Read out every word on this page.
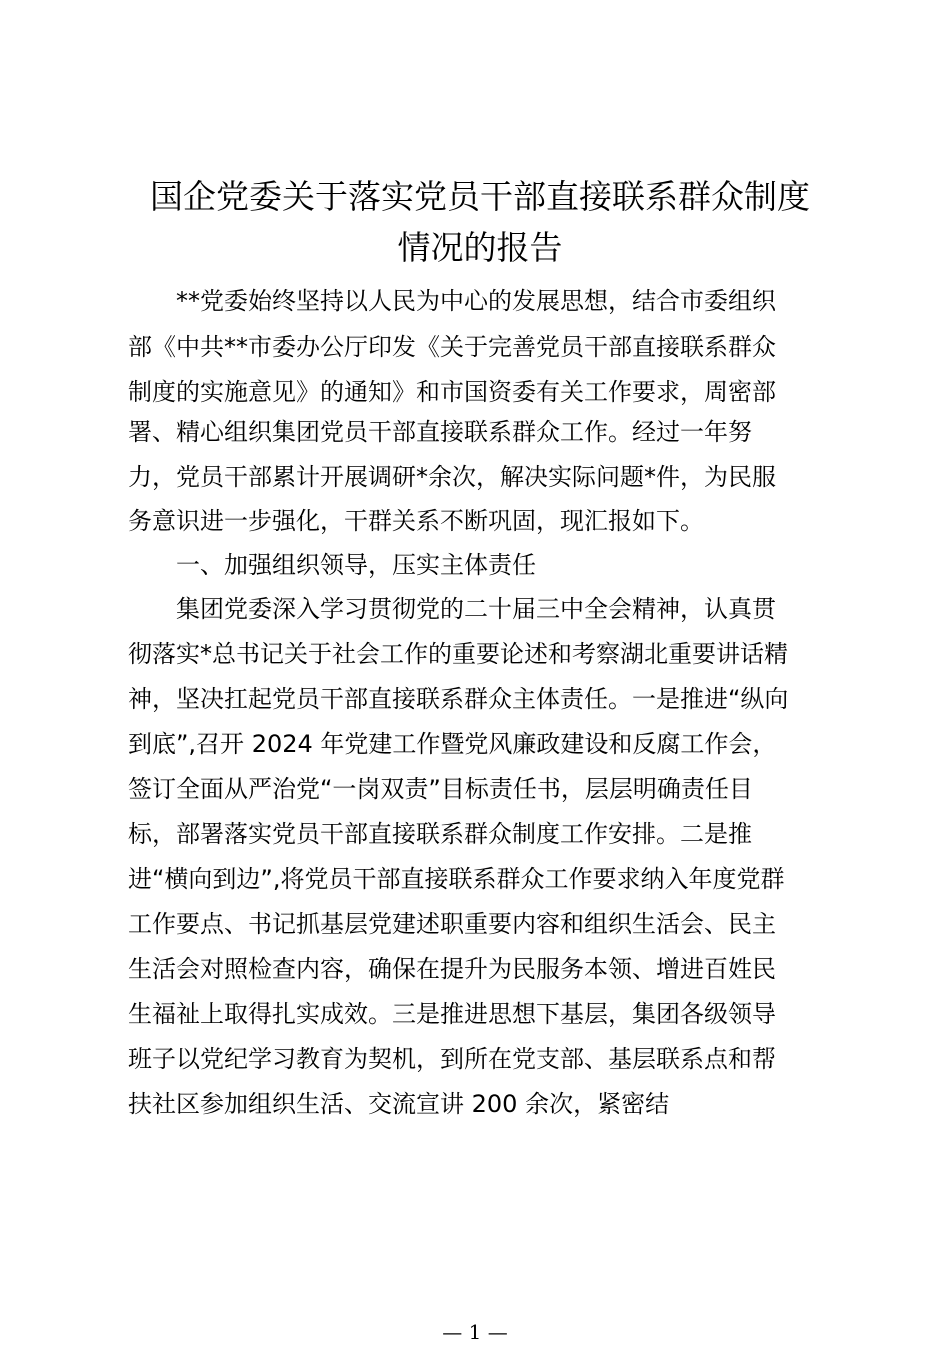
国企党委关于落实党员干部直接联系群众制度
情况的报告
**党委始终坚持以人民为中心的发展思想，结合市委组织
部《中共**市委办公厅印发《关于完善党员干部直接联系群众
制度的实施意见》的通知》和市国资委有关工作要求，周密部
署、精心组织集团党员干部直接联系群众工作。经过一年努
力，党员干部累计开展调研*余次，解决实际问题*件，为民服
务意识进一步强化，干群关系不断巩固，现汇报如下。
一、加强组织领导，压实主体责任
集团党委深入学习贯彻党的二十届三中全会精神，认真贯
彻落实*总书记关于社会工作的重要论述和考察湖北重要讲话精
神，坚决扛起党员干部直接联系群众主体责任。一是推进“纵向
到底”,召开 2024 年党建工作暨党风廉政建设和反腐工作会，
签订全面从严治党“一岗双责”目标责任书，层层明确责任目
标，部署落实党员干部直接联系群众制度工作安排。二是推
进“横向到边”,将党员干部直接联系群众工作要求纳入年度党群
工作要点、书记抓基层党建述职重要内容和组织生活会、民主
生活会对照检查内容，确保在提升为民服务本领、增进百姓民
生福祉上取得扎实成效。三是推进思想下基层，集团各级领导
班子以党纪学习教育为契机，到所在党支部、基层联系点和帮
扶社区参加组织生活、交流宣讲 200 余次，紧密结
— 1 —
